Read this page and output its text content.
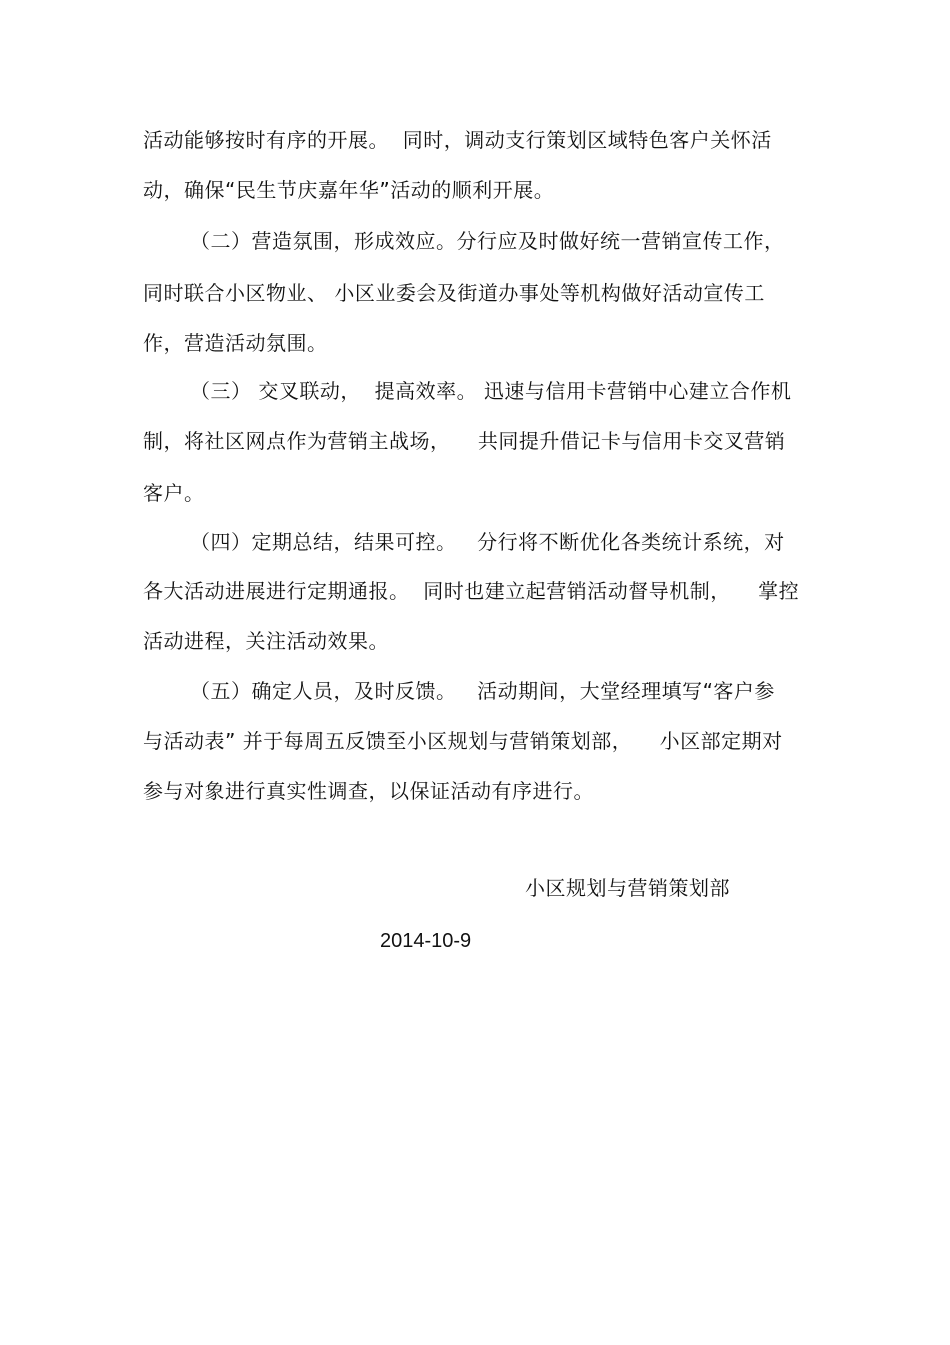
活动能够按时有序的开展。  同时，调动支行策划区域特色客户关怀活
动，确保“民生节庆嘉年华”活动的顺利开展。
（二）营造氛围，形成效应。分行应及时做好统一营销宣传工作，
同时联合小区物业、 小区业委会及街道办事处等机构做好活动宣传工
作，营造活动氛围。
（三） 交叉联动，  提高效率。 迅速与信用卡营销中心建立合作机
制，将社区网点作为营销主战场，    共同提升借记卡与信用卡交叉营销
客户。
（四）定期总结，结果可控。   分行将不断优化各类统计系统，对
各大活动进展进行定期通报。  同时也建立起营销活动督导机制，    掌控
活动进程，关注活动效果。
（五）确定人员，及时反馈。   活动期间，大堂经理填写“客户参
与活动表” 并于每周五反馈至小区规划与营销策划部，    小区部定期对
参与对象进行真实性调查，以保证活动有序进行。
小区规划与营销策划部
2014-10-9
